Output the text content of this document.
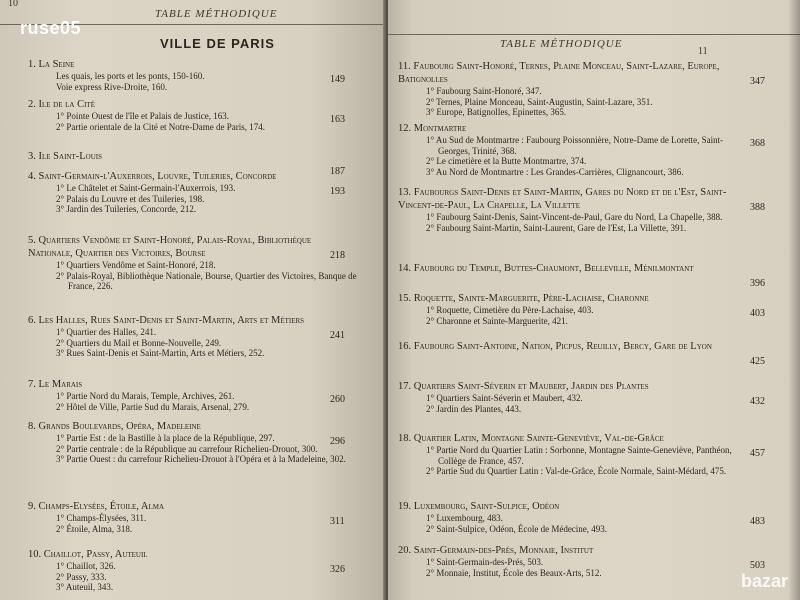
10
TABLE MÉTHODIQUE
VILLE DE PARIS
1. La Seine

Les quais, les ports et les ponts, 150-160.

Voie express Rive-Droite, 160.

149
2. Ile de la Cité

1° Pointe Ouest de l'île et Palais de Justice, 163.

2° Partie orientale de la Cité et Notre-Dame de Paris, 174.

163
3. Ile Saint-Louis
187
4. Saint-Germain-l'Auxerrois, Louvre, Tuileries, Concorde

1° Le Châtelet et Saint-Germain-l'Auxerrois, 193.

2° Palais du Louvre et des Tuileries, 198.

3° Jardin des Tuileries, Concorde, 212.

193
5. Quartiers Vendôme et Saint-Honoré, Palais-Royal, Bibliothèque Nationale, Quartier des Victoires, Bourse

1° Quartiers Vendôme et Saint-Honoré, 218.

2° Palais-Royal, Bibliothèque Nationale, Bourse, Quartier des Victoires, Banque de France, 226.

218
6. Les Halles, Rues Saint-Denis et Saint-Martin, Arts et Métiers

1° Quartier des Halles, 241.

2° Quartiers du Mail et Bonne-Nouvelle, 249.

3° Rues Saint-Denis et Saint-Martin, Arts et Métiers, 252.

241
7. Le Marais

1° Partie Nord du Marais, Temple, Archives, 261.

2° Hôtel de Ville, Partie Sud du Marais, Arsenal, 279.

260
8. Grands Boulevards, Opéra, Madeleine

1° Partie Est : de la Bastille à la place de la République, 297.

2° Partie centrale : de la République au carrefour Richelieu-Drouot, 300.

3° Partie Ouest : du carrefour Richelieu-Drouot à l'Opéra et à la Madeleine, 302.

296
9. Champs-Elysées, Étoile, Alma

1° Champs-Élysées, 311.

2° Étoile, Alma, 318.

311
10. Chaillot, Passy, Auteuil

1° Chaillot, 326.

2° Passy, 333.

3° Auteuil, 343.

326
TABLE MÉTHODIQUE
11
11. Faubourg Saint-Honoré, Ternes, Plaine Monceau, Saint-Lazare, Europe, Batignolles

1° Faubourg Saint-Honoré, 347.

2° Ternes, Plaine Monceau, Saint-Augustin, Saint-Lazare, 351.

3° Europe, Batignolles, Epinettes, 365.

347
12. Montmartre

1° Au Sud de Montmartre : Faubourg Poissonnière, Notre-Dame de Lorette, Saint-Georges, Trinité, 368.

2° Le cimetière et la Butte Montmartre, 374.

3° Au Nord de Montmartre : Les Grandes-Carrières, Clignancourt, 386.

368
13. Faubourgs Saint-Denis et Saint-Martin, Gares du Nord et de l'Est, Saint-Vincent-de-Paul, La Chapelle, La Villette

1° Faubourg Saint-Denis, Saint-Vincent-de-Paul, Gare du Nord, La Chapelle, 388.

2° Faubourg Saint-Martin, Saint-Laurent, Gare de l'Est, La Villette, 391.

388
14. Faubourg du Temple, Buttes-Chaumont, Belleville, Ménilmontant
396
15. Roquette, Sainte-Marguerite, Père-Lachaise, Charonne

1° Roquette, Cimetière du Père-Lachaise, 403.

2° Charonne et Sainte-Marguerite, 421.

403
16. Faubourg Saint-Antoine, Nation, Picpus, Reuilly, Bercy, Gare de Lyon
425
17. Quartiers Saint-Séverin et Maubert, Jardin des Plantes

1° Quartiers Saint-Séverin et Maubert, 432.

2° Jardin des Plantes, 443.

432
18. Quartier Latin, Montagne Sainte-Geneviève, Val-de-Grâce

1° Partie Nord du Quartier Latin : Sorbonne, Montagne Sainte-Geneviève, Panthéon, Collège de France, 457.

2° Partie Sud du Quartier Latin : Val-de-Grâce, École Normale, Saint-Médard, 475.

457
19. Luxembourg, Saint-Sulpice, Odéon

1° Luxembourg, 483.

2° Saint-Sulpice, Odéon, École de Médecine, 493.

483
20. Saint-Germain-des-Prés, Monnaie, Institut

1° Saint-Germain-des-Prés, 503.

2° Monnaie, Institut, École des Beaux-Arts, 512.

503
ruse05
bazar
